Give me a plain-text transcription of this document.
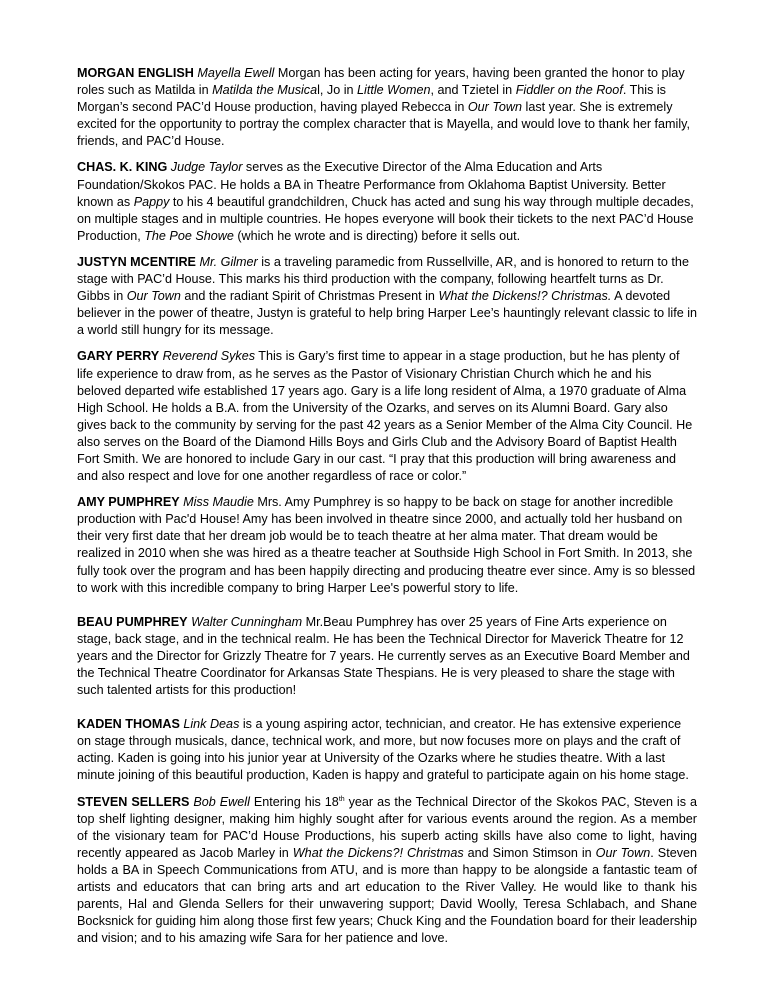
MORGAN ENGLISH Mayella Ewell Morgan has been acting for years, having been granted the honor to play roles such as Matilda in Matilda the Musical, Jo in Little Women, and Tzietel in Fiddler on the Roof. This is Morgan’s second PAC’d House production, having played Rebecca in Our Town last year. She is extremely excited for the opportunity to portray the complex character that is Mayella, and would love to thank her family, friends, and PAC’d House.

CHAS. K. KING Judge Taylor serves as the Executive Director of the Alma Education and Arts Foundation/Skokos PAC. He holds a BA in Theatre Performance from Oklahoma Baptist University. Better known as Pappy to his 4 beautiful grandchildren, Chuck has acted and sung his way through multiple decades, on multiple stages and in multiple countries. He hopes everyone will book their tickets to the next PAC’d House Production, The Poe Showe (which he wrote and is directing) before it sells out.

JUSTYN MCENTIRE Mr. Gilmer is a traveling paramedic from Russellville, AR, and is honored to return to the stage with PAC’d House. This marks his third production with the company, following heartfelt turns as Dr. Gibbs in Our Town and the radiant Spirit of Christmas Present in What the Dickens!? Christmas. A devoted believer in the power of theatre, Justyn is grateful to help bring Harper Lee’s hauntingly relevant classic to life in a world still hungry for its message.

GARY PERRY Reverend Sykes This is Gary’s first time to appear in a stage production, but he has plenty of life experience to draw from, as he serves as the Pastor of Visionary Christian Church which he and his beloved departed wife established 17 years ago. Gary is a life long resident of Alma, a 1970 graduate of Alma High School. He holds a B.A. from the University of the Ozarks, and serves on its Alumni Board. Gary also gives back to the community by serving for the past 42 years as a Senior Member of the Alma City Council. He also serves on the Board of the Diamond Hills Boys and Girls Club and the Advisory Board of Baptist Health Fort Smith. We are honored to include Gary in our cast. “I pray that this production will bring awareness and and also respect and love for one another regardless of race or color.”

AMY PUMPHREY Miss Maudie Mrs. Amy Pumphrey is so happy to be back on stage for another incredible production with Pac'd House! Amy has been involved in theatre since 2000, and actually told her husband on their very first date that her dream job would be to teach theatre at her alma mater. That dream would be realized in 2010 when she was hired as a theatre teacher at Southside High School in Fort Smith. In 2013, she fully took over the program and has been happily directing and producing theatre ever since. Amy is so blessed to work with this incredible company to bring Harper Lee's powerful story to life.

BEAU PUMPHREY Walter Cunningham Mr.Beau Pumphrey has over 25 years of Fine Arts experience on stage, back stage, and in the technical realm. He has been the Technical Director for Maverick Theatre for 12 years and the Director for Grizzly Theatre for 7 years. He currently serves as an Executive Board Member and the Technical Theatre Coordinator for Arkansas State Thespians. He is very pleased to share the stage with such talented artists for this production!

KADEN THOMAS Link Deas is a young aspiring actor, technician, and creator. He has extensive experience on stage through musicals, dance, technical work, and more, but now focuses more on plays and the craft of acting. Kaden is going into his junior year at University of the Ozarks where he studies theatre. With a last minute joining of this beautiful production, Kaden is happy and grateful to participate again on his home stage.

STEVEN SELLERS Bob Ewell Entering his 18th year as the Technical Director of the Skokos PAC, Steven is a top shelf lighting designer, making him highly sought after for various events around the region. As a member of the visionary team for PAC’d House Productions, his superb acting skills have also come to light, having recently appeared as Jacob Marley in What the Dickens?! Christmas and Simon Stimson in Our Town. Steven holds a BA in Speech Communications from ATU, and is more than happy to be alongside a fantastic team of artists and educators that can bring arts and art education to the River Valley. He would like to thank his parents, Hal and Glenda Sellers for their unwavering support; David Woolly, Teresa Schlabach, and Shane Bocksnick for guiding him along those first few years; Chuck King and the Foundation board for their leadership and vision; and to his amazing wife Sara for her patience and love.
